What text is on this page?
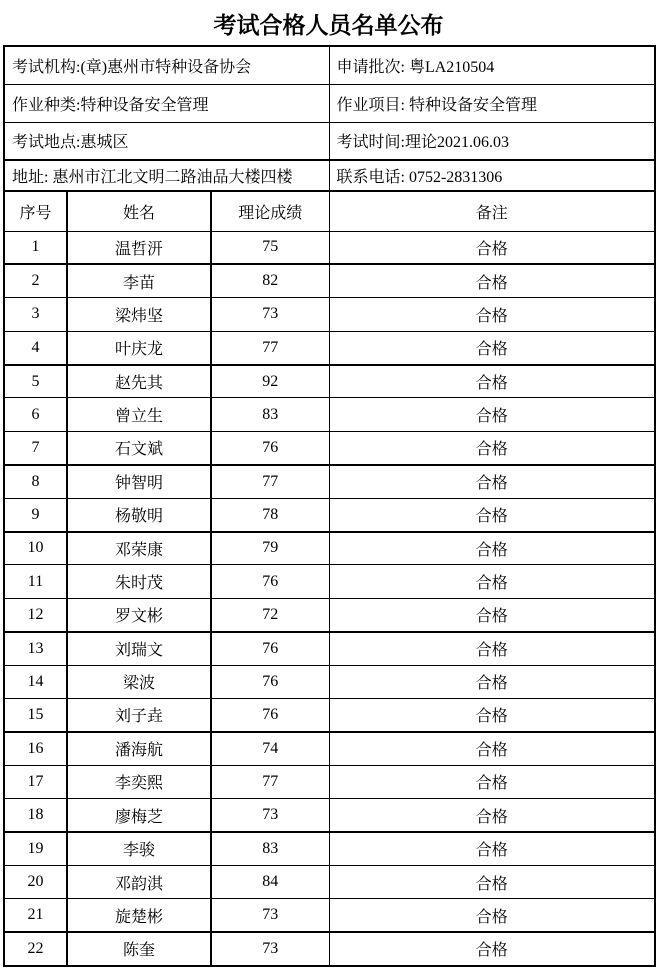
考试合格人员名单公布
考试机构:(章)惠州市特种设备协会			申请批次: 粤LA210504
作业种类:特种设备安全管理			作业项目: 特种设备安全管理
考试地点:惠城区			考试时间:理论2021.06.03
地址: 惠州市江北文明二路油品大楼四楼			联系电话: 0752-2831306
序号	姓名	理论成绩	备注
1	温哲汧	75	合格
2	李苗	82	合格
3	梁炜坚	73	合格
4	叶庆龙	77	合格
5	赵先其	92	合格
6	曾立生	83	合格
7	石文斌	76	合格
8	钟智明	77	合格
9	杨敬明	78	合格
10	邓荣康	79	合格
11	朱时茂	76	合格
12	罗文彬	72	合格
13	刘瑞文	76	合格
14	梁波	76	合格
15	刘子垚	76	合格
16	潘海航	74	合格
17	李奕熙	77	合格
18	廖梅芝	73	合格
19	李骏	83	合格
20	邓韵淇	84	合格
21	旋楚彬	73	合格
22	陈奎	73	合格
